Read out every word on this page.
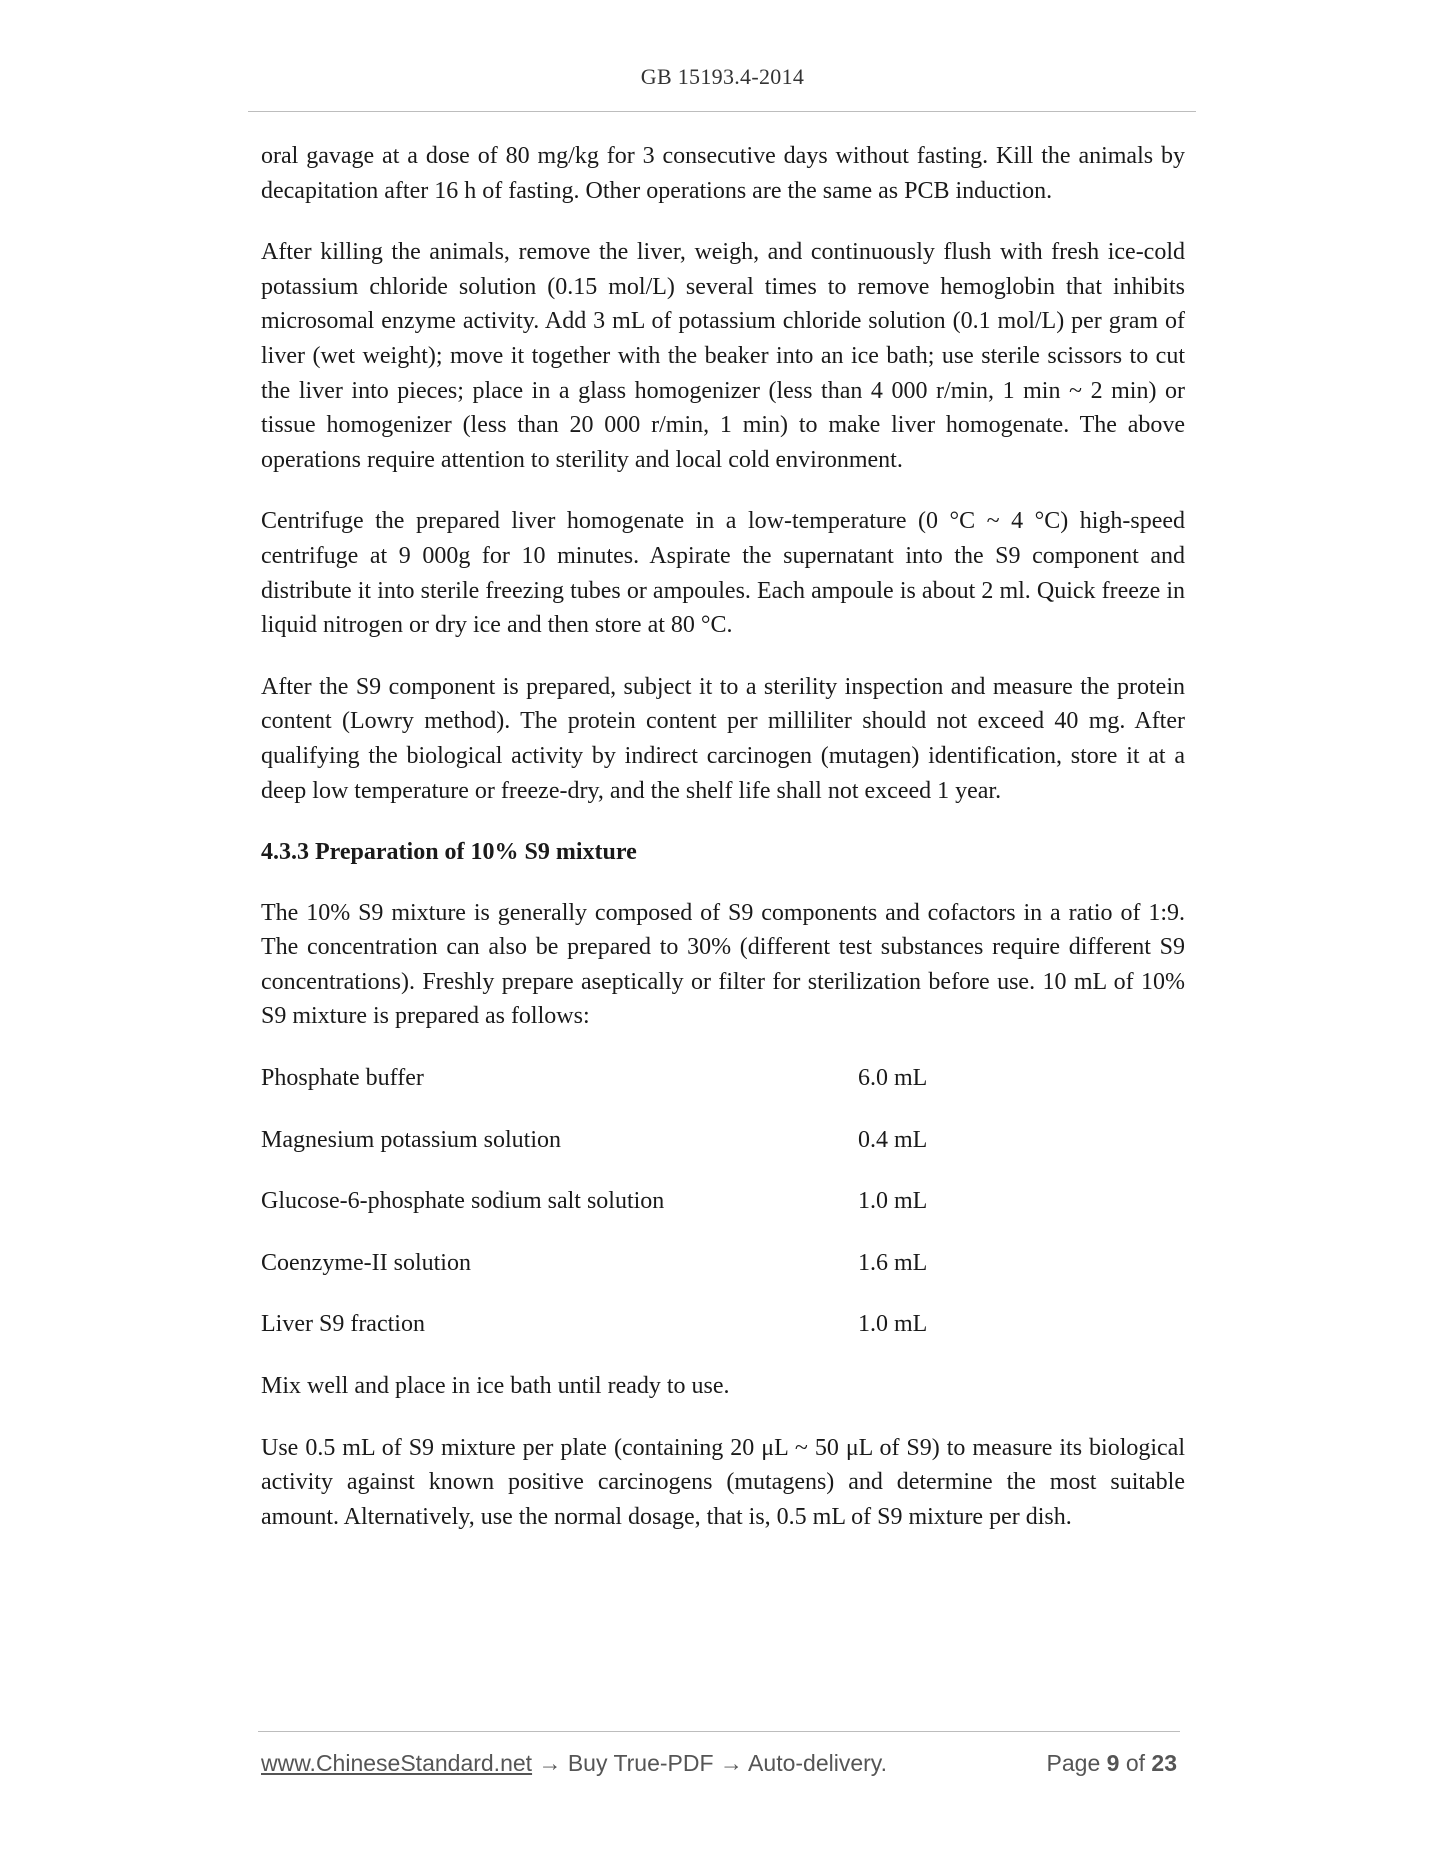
GB 15193.4-2014

oral gavage at a dose of 80 mg/kg for 3 consecutive days without fasting. Kill the animals by decapitation after 16 h of fasting. Other operations are the same as PCB induction.

After killing the animals, remove the liver, weigh, and continuously flush with fresh ice-cold potassium chloride solution (0.15 mol/L) several times to remove hemoglobin that inhibits microsomal enzyme activity. Add 3 mL of potassium chloride solution (0.1 mol/L) per gram of liver (wet weight); move it together with the beaker into an ice bath; use sterile scissors to cut the liver into pieces; place in a glass homogenizer (less than 4 000 r/min, 1 min ~ 2 min) or tissue homogenizer (less than 20 000 r/min, 1 min) to make liver homogenate. The above operations require attention to sterility and local cold environment.

Centrifuge the prepared liver homogenate in a low-temperature (0 °C ~ 4 °C) high-speed centrifuge at 9 000g for 10 minutes. Aspirate the supernatant into the S9 component and distribute it into sterile freezing tubes or ampoules. Each ampoule is about 2 ml. Quick freeze in liquid nitrogen or dry ice and then store at 80 °C.

After the S9 component is prepared, subject it to a sterility inspection and measure the protein content (Lowry method). The protein content per milliliter should not exceed 40 mg. After qualifying the biological activity by indirect carcinogen (mutagen) identification, store it at a deep low temperature or freeze-dry, and the shelf life shall not exceed 1 year.

4.3.3 Preparation of 10% S9 mixture

The 10% S9 mixture is generally composed of S9 components and cofactors in a ratio of 1:9. The concentration can also be prepared to 30% (different test substances require different S9 concentrations). Freshly prepare aseptically or filter for sterilization before use. 10 mL of 10% S9 mixture is prepared as follows:

Phosphate buffer	6.0 mL
Magnesium potassium solution	0.4 mL
Glucose-6-phosphate sodium salt solution	1.0 mL
Coenzyme-II solution	1.6 mL
Liver S9 fraction	1.0 mL

Mix well and place in ice bath until ready to use.

Use 0.5 mL of S9 mixture per plate (containing 20 μL ~ 50 μL of S9) to measure its biological activity against known positive carcinogens (mutagens) and determine the most suitable amount. Alternatively, use the normal dosage, that is, 0.5 mL of S9 mixture per dish.

www.ChineseStandard.net → Buy True-PDF → Auto-delivery.	Page 9 of 23
